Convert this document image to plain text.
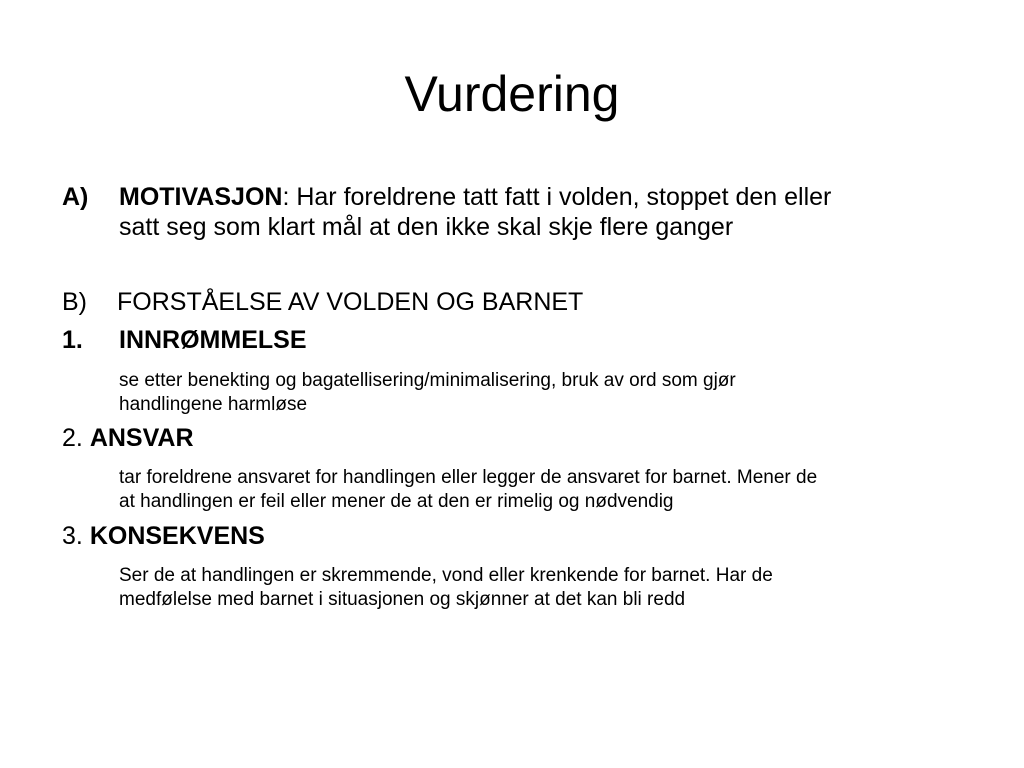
Vurdering
A) MOTIVASJON: Har foreldrene tatt fatt i volden, stoppet den eller
satt seg som klart mål at den ikke skal skje flere ganger
B) FORSTÅELSE AV VOLDEN OG BARNET
1. INNRØMMELSE
se etter benekting og bagatellisering/minimalisering, bruk av ord som gjør
handlingene harmløse
2. ANSVAR
tar foreldrene ansvaret for handlingen eller legger de ansvaret for barnet. Mener de
at handlingen er feil eller mener de at den er rimelig og nødvendig
3. KONSEKVENS
Ser de at handlingen er skremmende, vond eller krenkende for barnet. Har de
medfølelse med barnet i situasjonen og skjønner at det kan bli redd
